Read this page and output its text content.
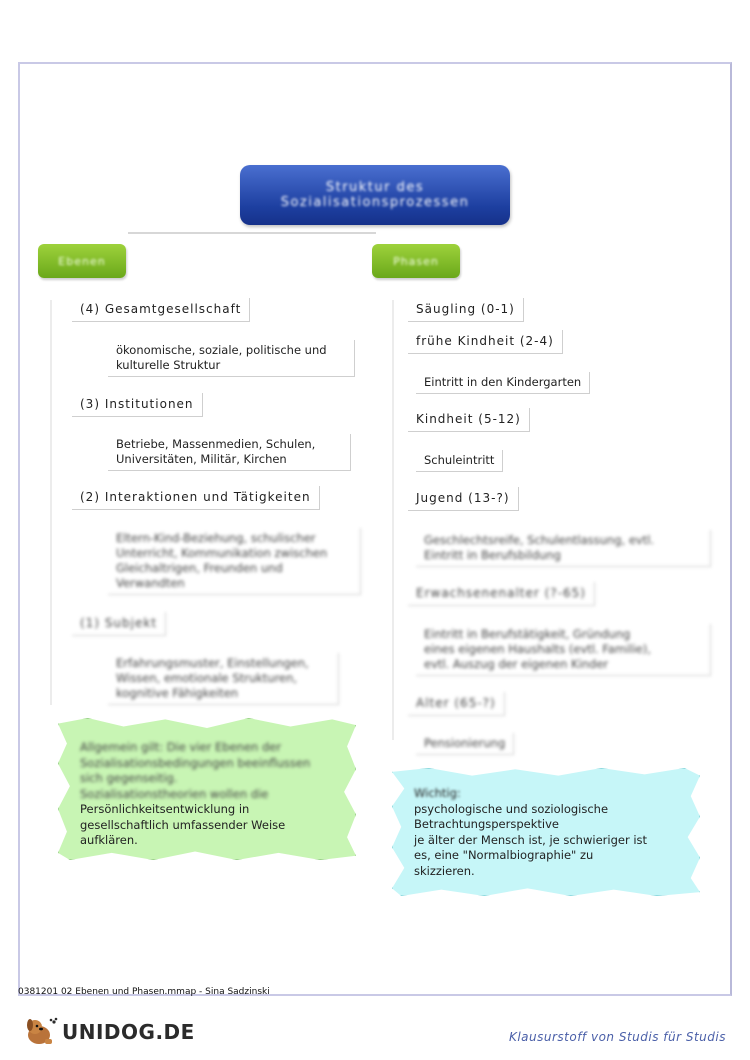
Struktur des
Sozialisationsprozessen
Ebenen	Phasen
(4) Gesamtgesellschaft
ökonomische, soziale, politische und
kulturelle Struktur
(3) Institutionen
Betriebe, Massenmedien, Schulen,
Universitäten, Militär, Kirchen
(2) Interaktionen und Tätigkeiten
Eltern-Kind-Beziehung, schulischer
Unterricht, Kommunikation zwischen
Gleichaltrigen, Freunden und
Verwandten
(1) Subjekt
Erfahrungsmuster, Einstellungen,
Wissen, emotionale Strukturen,
kognitive Fähigkeiten
Säugling (0-1)
frühe Kindheit (2-4)
Eintritt in den Kindergarten
Kindheit (5-12)
Schuleintritt
Jugend (13-?)
Geschlechtsreife, Schulentlassung, evtl.
Eintritt in Berufsbildung
Erwachsenenalter (?-65)
Eintritt in Berufstätigkeit, Gründung
eines eigenen Haushalts (evtl. Familie),
evtl. Auszug der eigenen Kinder
Alter (65-?)
Pensionierung
Allgemein gilt: Die vier Ebenen der
Sozialisationsbedingungen beeinflussen
sich gegenseitig.
Sozialisationstheorien wollen die
Persönlichkeitsentwicklung in
gesellschaftlich umfassender Weise
aufklären.
Wichtig:
psychologische und soziologische
Betrachtungsperspektive
je älter der Mensch ist, je schwieriger ist
es, eine "Normalbiographie" zu
skizzieren.
0381201 02 Ebenen und Phasen.mmap - Sina Sadzinski
UNIDOG.DE	Klausurstoff von Studis für Studis
